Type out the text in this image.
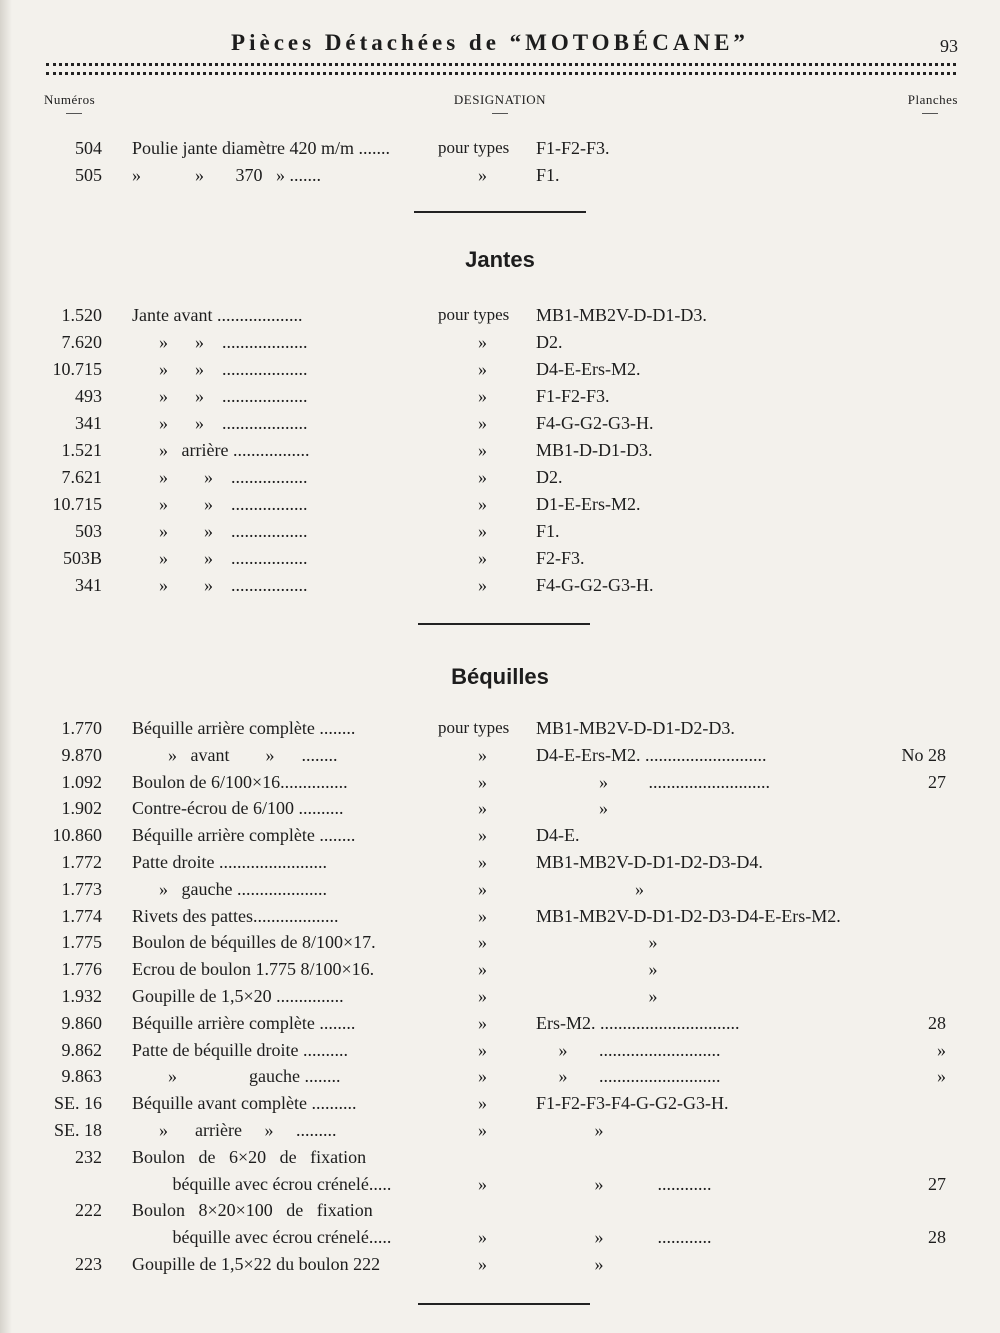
Pièces Détachées de “MOTOBÉCANE”	93
Numéros	DESIGNATION	Planches
504 Poulie jante diamètre 420 m/m .......	pour types F1-F2-F3.
505 »            »       370   » .......	»	F1.
Jantes
1.520 Jante avant ...................	pour types MB1-MB2V-D-D1-D3.
7.620 »      »    ...................	»	D2.
10.715 »      »    ...................	»	D4-E-Ers-M2.
493 »      »    ...................	»	F1-F2-F3.
341 »      »    ...................	»	F4-G-G2-G3-H.
1.521 »   arrière .................	»	MB1-D-D1-D3.
7.621 »        »    .................	»	D2.
10.715 »        »    .................	»	D1-E-Ers-M2.
503 »        »    .................	»	F1.
503B »        »    .................	»	F2-F3.
341 »        »    .................	»	F4-G-G2-G3-H.
Béquilles
1.770 Béquille arrière complète ........	pour types MB1-MB2V-D-D1-D2-D3.
9.870 »   avant        »      ........	»	D4-E-Ers-M2. ...........................	No 28
1.092 Boulon de 6/100×16...............	»	»         ...........................	27
1.902 Contre-écrou de 6/100 ..........	»	»
10.860 Béquille arrière complète ........	»	D4-E.
1.772 Patte droite ........................	»	MB1-MB2V-D-D1-D2-D3-D4.
1.773 »   gauche ....................	»	»
1.774 Rivets des pattes...................	»	MB1-MB2V-D-D1-D2-D3-D4-E-Ers-M2.
1.775 Boulon de béquilles de 8/100×17.	»	»
1.776 Ecrou de boulon 1.775 8/100×16.	»	»
1.932 Goupille de 1,5×20 ...............	»	»
9.860 Béquille arrière complète ........	»	Ers-M2. ...............................	28
9.862 Patte de béquille droite ..........	»	»       ...........................	»
9.863 »                gauche ........	»	»       ...........................	»
SE. 16 Béquille avant complète ..........	»	F1-F2-F3-F4-G-G2-G3-H.
SE. 18 »      arrière     »     .........	»	»
232 Boulon   de   6×20   de   fixation
béquille avec écrou crénelé.....	»	»            ............	27
222 Boulon   8×20×100   de   fixation
béquille avec écrou crénelé.....	»	»            ............	28
223 Goupille de 1,5×22 du boulon 222	»	»
